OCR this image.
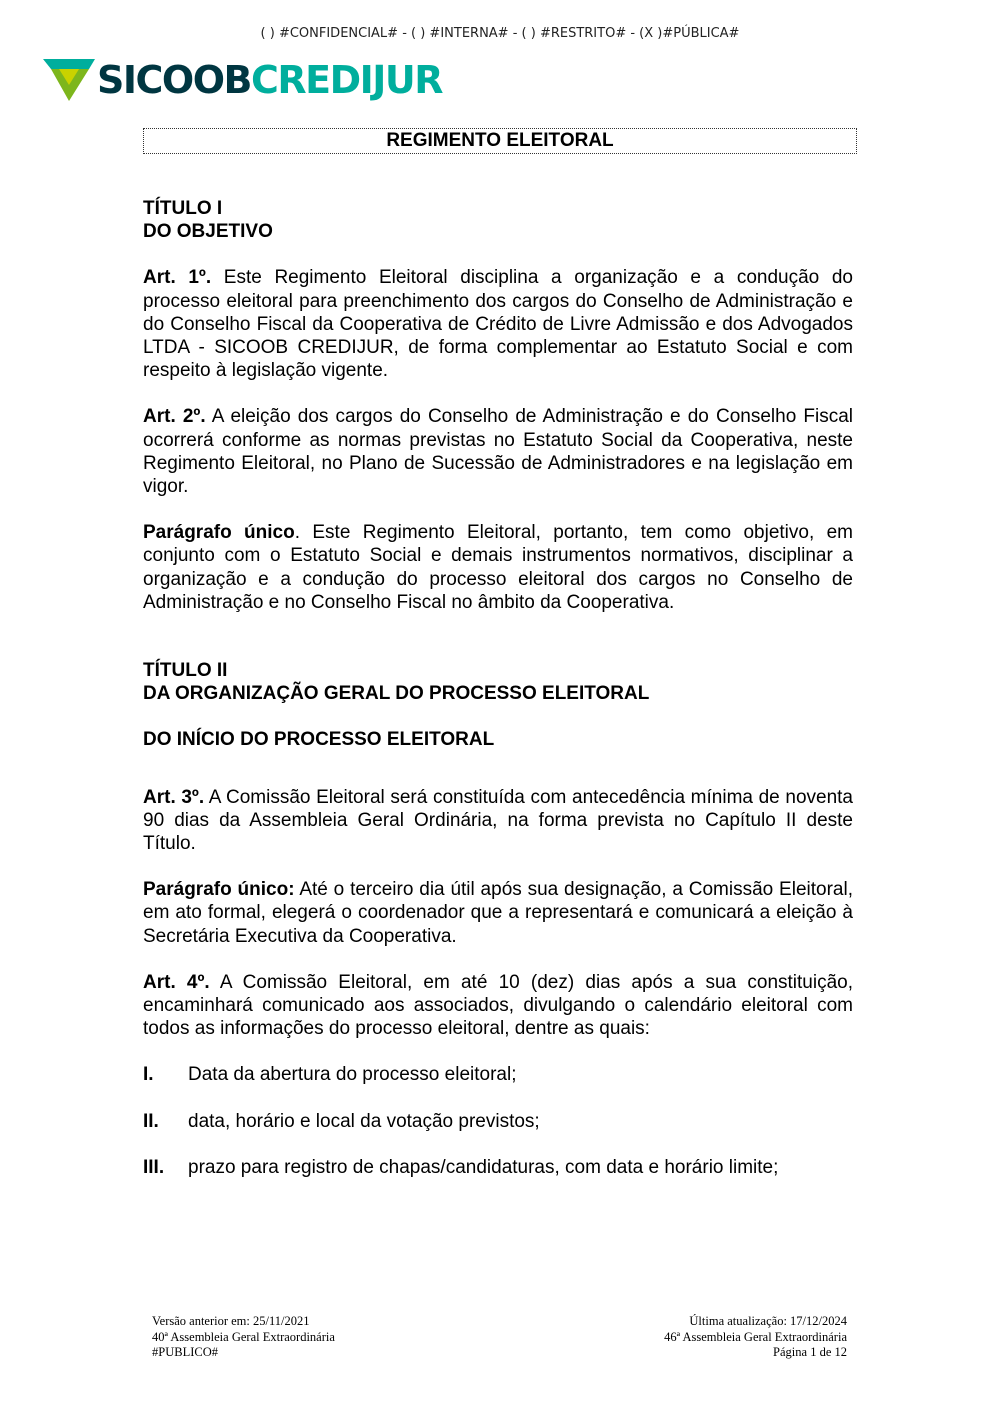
( ) #CONFIDENCIAL# - ( ) #INTERNA# - ( ) #RESTRITO# - (X )#PÚBLICA#
SICOOBCREDIJUR
REGIMENTO ELEITORAL

TÍTULO I

DO OBJETIVO

Art. 1º. Este Regimento Eleitoral disciplina a organização e a condução do processo eleitoral para preenchimento dos cargos do Conselho de Administração e do Conselho Fiscal da Cooperativa de Crédito de Livre Admissão e dos Advogados LTDA - SICOOB CREDIJUR, de forma complementar ao Estatuto Social e com respeito à legislação vigente.

Art. 2º. A eleição dos cargos do Conselho de Administração e do Conselho Fiscal ocorrerá conforme as normas previstas no Estatuto Social da Cooperativa, neste Regimento Eleitoral, no Plano de Sucessão de Administradores e na legislação em vigor.

Parágrafo único. Este Regimento Eleitoral, portanto, tem como objetivo, em conjunto com o Estatuto Social e demais instrumentos normativos, disciplinar a organização e a condução do processo eleitoral dos cargos no Conselho de Administração e no Conselho Fiscal no âmbito da Cooperativa.

TÍTULO II

DA ORGANIZAÇÃO GERAL DO PROCESSO ELEITORAL

DO INÍCIO DO PROCESSO ELEITORAL

Art. 3º. A Comissão Eleitoral será constituída com antecedência mínima de noventa 90 dias da Assembleia Geral Ordinária, na forma prevista no Capítulo II deste Título.

Parágrafo único: Até o terceiro dia útil após sua designação, a Comissão Eleitoral, em ato formal, elegerá o coordenador que a representará e comunicará a eleição à Secretária Executiva da Cooperativa.

Art. 4º. A Comissão Eleitoral, em até 10 (dez) dias após a sua constituição, encaminhará comunicado aos associados, divulgando o calendário eleitoral com todos as informações do processo eleitoral, dentre as quais:

I.	Data da abertura do processo eleitoral;

II.	data, horário e local da votação previstos;

III.	prazo para registro de chapas/candidaturas, com data e horário limite;

Versão anterior em: 25/11/2021
40ª Assembleia Geral Extraordinária
#PUBLICO#
Última atualização: 17/12/2024
46ª Assembleia Geral Extraordinária
Página 1 de 12
